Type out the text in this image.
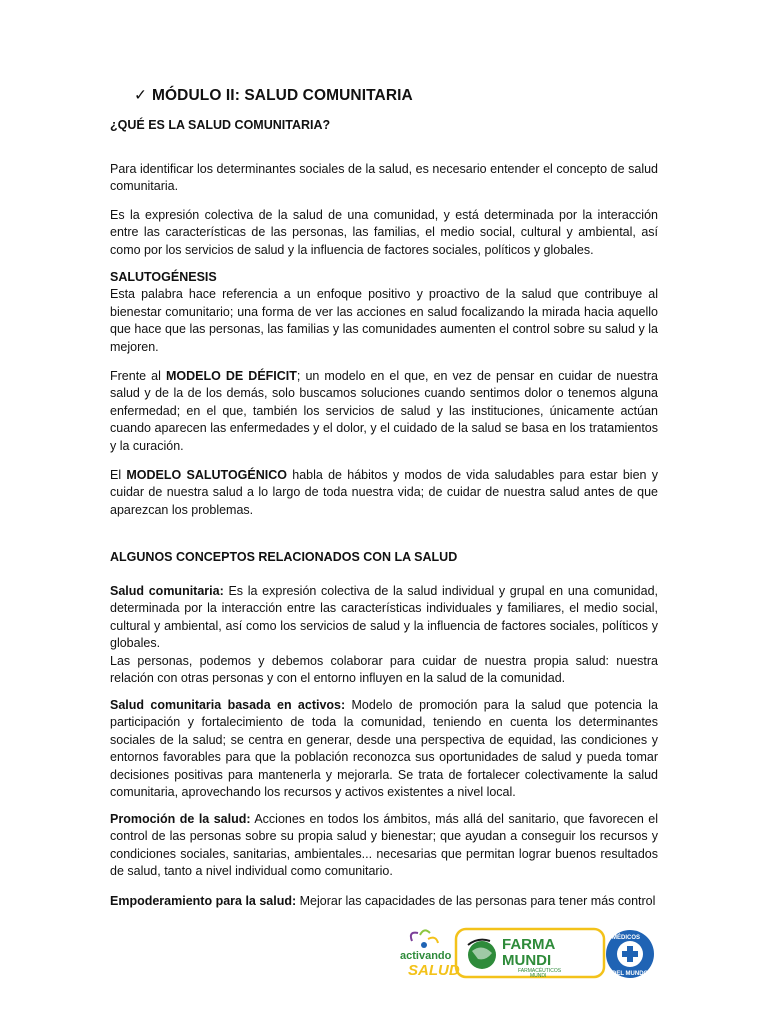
✓ MÓDULO II: SALUD COMUNITARIA
¿QUÉ ES LA SALUD COMUNITARIA?
Para identificar los determinantes sociales de la salud, es necesario entender el concepto de salud comunitaria.
Es la expresión colectiva de la salud de una comunidad, y está determinada por la interacción entre las características de las personas, las familias, el medio social, cultural y ambiental, así como por los servicios de salud y la influencia de factores sociales, políticos y globales.
SALUTOGÉNESIS
Esta palabra hace referencia a un enfoque positivo y proactivo de la salud que contribuye al bienestar comunitario; una forma de ver las acciones en salud focalizando la mirada hacia aquello que hace que las personas, las familias y las comunidades aumenten el control sobre su salud y la mejoren.
Frente al MODELO DE DÉFICIT; un modelo en el que, en vez de pensar en cuidar de nuestra salud y de la de los demás, solo buscamos soluciones cuando sentimos dolor o tenemos alguna enfermedad; en el que, también los servicios de salud y las instituciones, únicamente actúan cuando aparecen las enfermedades y el dolor, y el cuidado de la salud se basa en los tratamientos y la curación.
El MODELO SALUTOGÉNICO habla de hábitos y modos de vida saludables para estar bien y cuidar de nuestra salud a lo largo de toda nuestra vida; de cuidar de nuestra salud antes de que aparezcan los problemas.
ALGUNOS CONCEPTOS RELACIONADOS CON LA SALUD
Salud comunitaria: Es la expresión colectiva de la salud individual y grupal en una comunidad, determinada por la interacción entre las características individuales y familiares, el medio social, cultural y ambiental, así como los servicios de salud y la influencia de factores sociales, políticos y globales.
Las personas, podemos y debemos colaborar para cuidar de nuestra propia salud: nuestra relación con otras personas y con el entorno influyen en la salud de la comunidad.
Salud comunitaria basada en activos: Modelo de promoción para la salud que potencia la participación y fortalecimiento de toda la comunidad, teniendo en cuenta los determinantes sociales de la salud; se centra en generar, desde una perspectiva de equidad, las condiciones y entornos favorables para que la población reconozca sus oportunidades de salud y pueda tomar decisiones positivas para mantenerla y mejorarla. Se trata de fortalecer colectivamente la salud comunitaria, aprovechando los recursos y activos existentes a nivel local.
Promoción de la salud: Acciones en todos los ámbitos, más allá del sanitario, que favorecen el control de las personas sobre su propia salud y bienestar; que ayudan a conseguir los recursos y condiciones sociales, sanitarias, ambientales... necesarias que permitan lograr buenos resultados de salud, tanto a nivel individual como comunitario.
Empoderamiento para la salud: Mejorar las capacidades de las personas para tener más control
activando
SALUD
FARMA
MUNDI
FARMACÉUTICOS
MUNDI
MÉDICOS
DEL MUNDO
